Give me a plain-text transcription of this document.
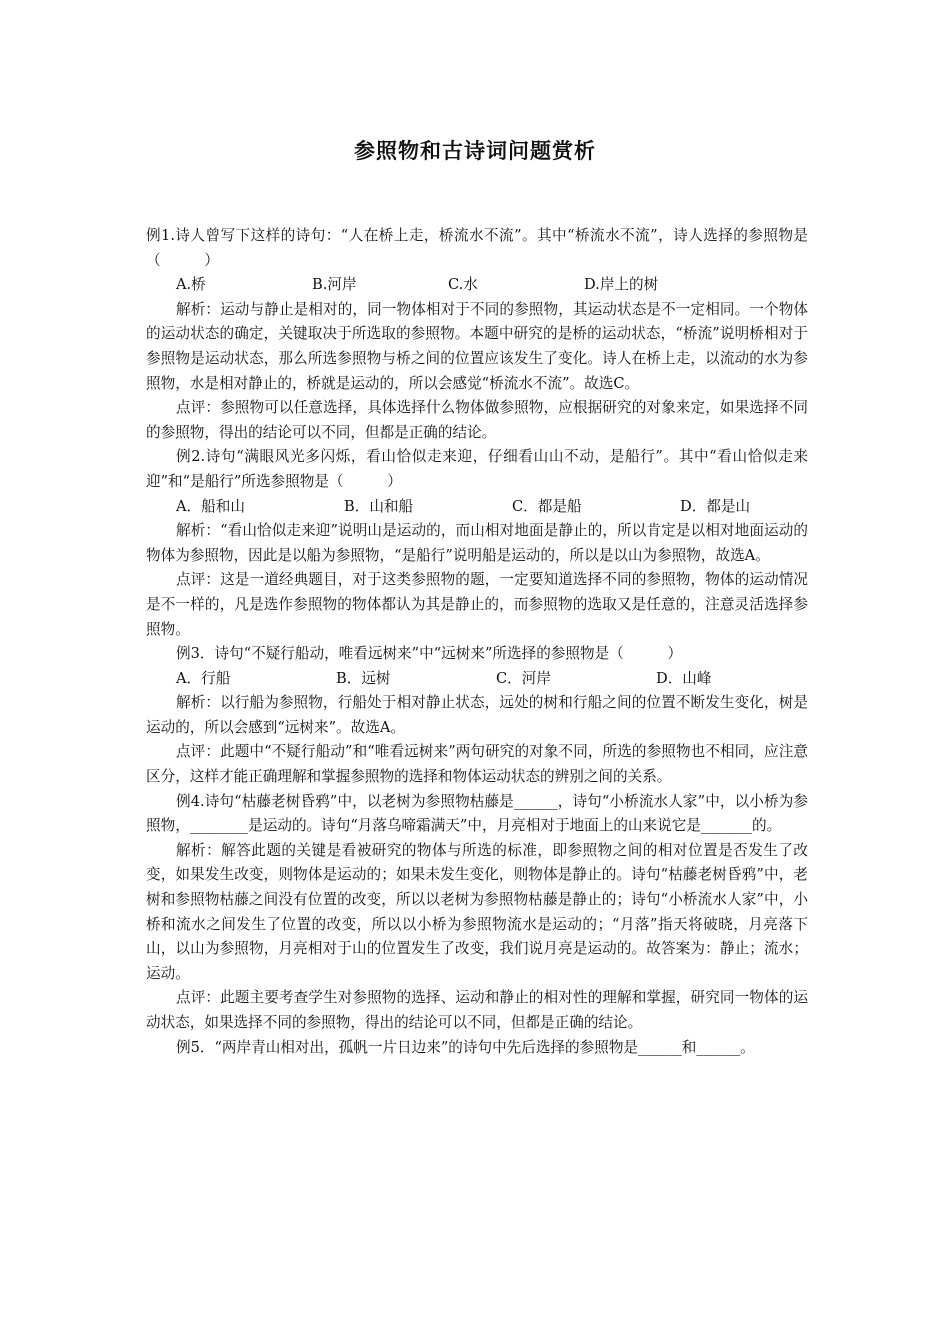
参照物和古诗词问题赏析

例1.诗人曾写下这样的诗句：“人在桥上走，桥流水不流”。其中“桥流水不流”，诗人选择的参照物是（　　　）

A.桥	B.河岸	C.水	D.岸上的树

解析：运动与静止是相对的，同一物体相对于不同的参照物，其运动状态是不一定相同。一个物体的运动状态的确定，关键取决于所选取的参照物。本题中研究的是桥的运动状态，“桥流”说明桥相对于参照物是运动状态，那么所选参照物与桥之间的位置应该发生了变化。诗人在桥上走，以流动的水为参照物，水是相对静止的，桥就是运动的，所以会感觉“桥流水不流”。故选C。

点评：参照物可以任意选择，具体选择什么物体做参照物，应根据研究的对象来定，如果选择不同的参照物，得出的结论可以不同，但都是正确的结论。

例2.诗句“满眼风光多闪烁，看山恰似走来迎，仔细看山山不动，是船行”。其中“看山恰似走来迎”和“是船行”所选参照物是（　　　）

A．船和山	B．山和船	C．都是船	D．都是山

解析：“看山恰似走来迎”说明山是运动的，而山相对地面是静止的，所以肯定是以相对地面运动的物体为参照物，因此是以船为参照物，“是船行”说明船是运动的，所以是以山为参照物，故选A。

点评：这是一道经典题目，对于这类参照物的题，一定要知道选择不同的参照物，物体的运动情况是不一样的，凡是选作参照物的物体都认为其是静止的，而参照物的选取又是任意的，注意灵活选择参照物。

例3．诗句“不疑行船动，唯看远树来”中“远树来”所选择的参照物是（　　　）

A．行船	B．远树	C．河岸	D．山峰

解析：以行船为参照物，行船处于相对静止状态，远处的树和行船之间的位置不断发生变化，树是运动的，所以会感到“远树来”。故选A。

点评：此题中“不疑行船动”和“唯看远树来”两句研究的对象不同，所选的参照物也不相同，应注意区分，这样才能正确理解和掌握参照物的选择和物体运动状态的辨别之间的关系。

例4.诗句“枯藤老树昏鸦”中，以老树为参照物枯藤是______，诗句“小桥流水人家”中，以小桥为参照物，________是运动的。诗句“月落乌啼霜满天”中，月亮相对于地面上的山来说它是_______的。

解析：解答此题的关键是看被研究的物体与所选的标准，即参照物之间的相对位置是否发生了改变，如果发生改变，则物体是运动的；如果未发生变化，则物体是静止的。诗句“枯藤老树昏鸦”中，老树和参照物枯藤之间没有位置的改变，所以以老树为参照物枯藤是静止的；诗句“小桥流水人家”中，小桥和流水之间发生了位置的改变，所以以小桥为参照物流水是运动的；“月落”指天将破晓，月亮落下山，以山为参照物，月亮相对于山的位置发生了改变，我们说月亮是运动的。故答案为：静止；流水；运动。

点评：此题主要考查学生对参照物的选择、运动和静止的相对性的理解和掌握，研究同一物体的运动状态，如果选择不同的参照物，得出的结论可以不同，但都是正确的结论。

例5．“两岸青山相对出，孤帆一片日边来”的诗句中先后选择的参照物是______和______。
